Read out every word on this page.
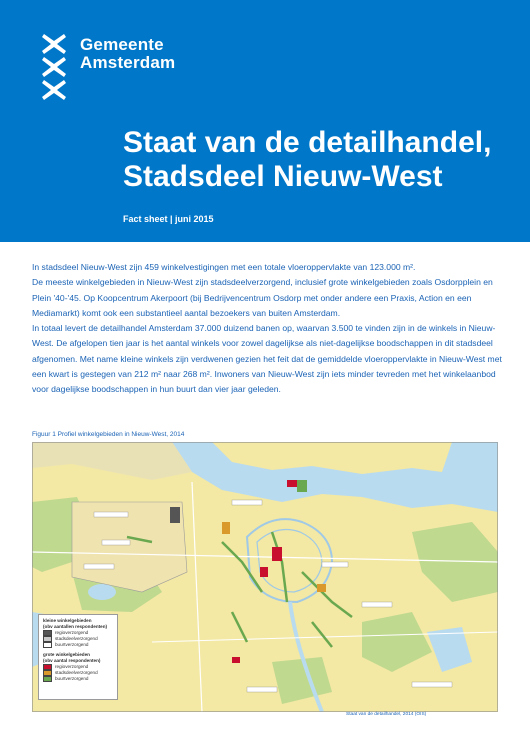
Gemeente
Amsterdam
Staat van de detailhandel,
Stadsdeel Nieuw-West
Fact sheet | juni 2015

In stadsdeel Nieuw-West zijn 459 winkelvestigingen met een totale vloeroppervlakte van 123.000 m².

De meeste winkelgebieden in Nieuw-West zijn stadsdeelverzorgend, inclusief grote winkelgebieden zoals Osdorpplein en Plein '40-'45. Op Koopcentrum Akerpoort (bij Bedrijvencentrum Osdorp met onder andere een Praxis, Action en een Mediamarkt) komt ook een substantieel aantal bezoekers van buiten Amsterdam.

In totaal levert de detailhandel Amsterdam 37.000 duizend banen op, waarvan 3.500 te vinden zijn in de winkels in Nieuw-West. De afgelopen tien jaar is het aantal winkels voor zowel dagelijkse als niet-dagelijkse boodschappen in dit stadsdeel afgenomen. Met name kleine winkels zijn verdwenen gezien het feit dat de gemiddelde vloeroppervlakte in Nieuw-West met een kwart is gestegen van 212 m² naar 268 m². Inwoners van Nieuw-West zijn iets minder tevreden met het winkelaanbod voor dagelijkse boodschappen in hun buurt dan vier jaar geleden.

Figuur 1 Profiel winkelgebieden in Nieuw-West, 2014
kleine winkelgebieden
(obv aantallen respondenten)
regioverzorgend
stadsdeelverzorgend
buurtverzorgend
grote winkelgebieden
(obv aantal respondenten)
regioverzorgend
stadsdeelverzorgend
buurtverzorgend
Staat van de detailhandel, 2014 (OIS)
